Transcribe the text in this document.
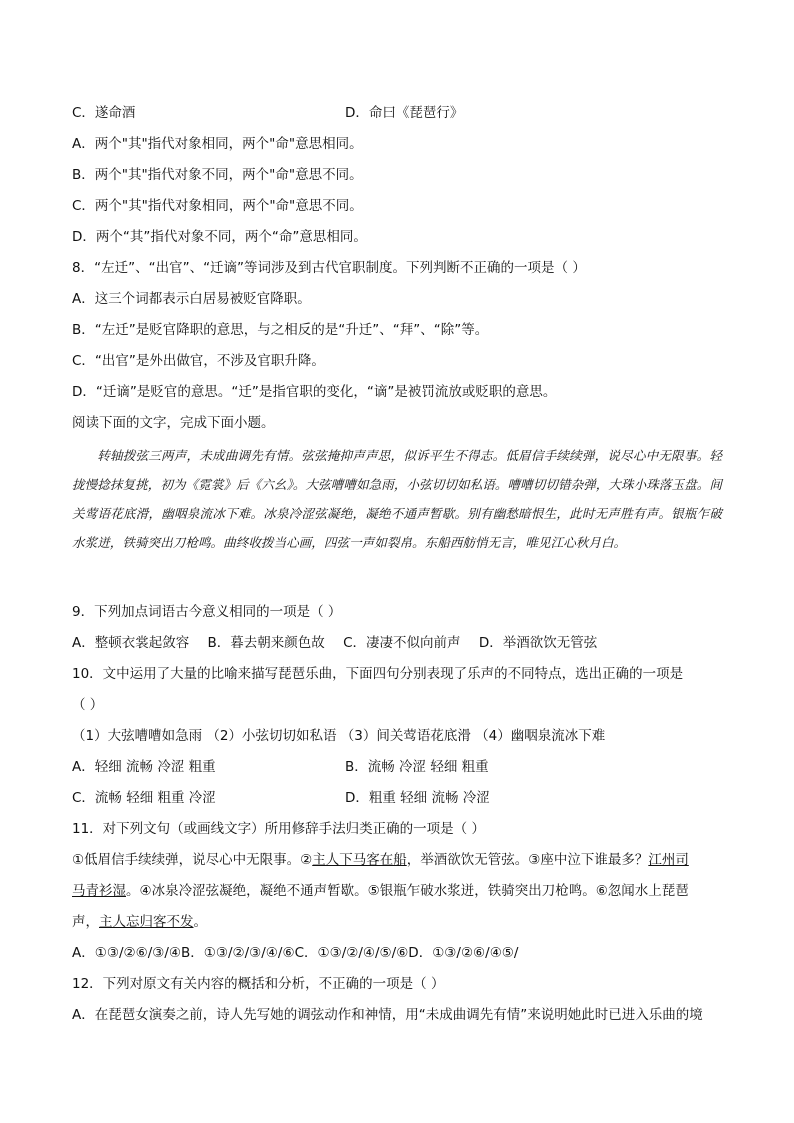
C．遂命酒	D．命曰《琵琶行》
A．两个"其"指代对象相同，两个"命"意思相同。
B．两个"其"指代对象不同，两个"命"意思不同。
C．两个"其"指代对象相同，两个"命"意思不同。
D．两个“其”指代对象不同，两个“命”意思相同。
8．“左迁”、“出官”、“迁谪”等词涉及到古代官职制度。下列判断不正确的一项是（ ）
A．这三个词都表示白居易被贬官降职。
B．“左迁”是贬官降职的意思，与之相反的是“升迁”、“拜”、“除”等。
C．“出官”是外出做官，不涉及官职升降。
D．“迁谪”是贬官的意思。“迁”是指官职的变化，“谪”是被罚流放或贬职的意思。
阅读下面的文字，完成下面小题。

转轴拨弦三两声，未成曲调先有情。弦弦掩抑声声思，似诉平生不得志。低眉信手续续弹，说尽心中无限事。轻拢慢捻抹复挑，初为《霓裳》后《六幺》。大弦嘈嘈如急雨，小弦切切如私语。嘈嘈切切错杂弹，大珠小珠落玉盘。间关莺语花底滑，幽咽泉流冰下难。冰泉冷涩弦凝绝，凝绝不通声暂歇。别有幽愁暗恨生，此时无声胜有声。银瓶乍破水浆迸，铁骑突出刀枪鸣。曲终收拨当心画，四弦一声如裂帛。东船西舫悄无言，唯见江心秋月白。

9．下列加点词语古今意义相同的一项是（ ）
A．整顿衣裳起敛容 B．暮去朝来颜色故 C．凄凄不似向前声 D．举酒欲饮无管弦
10．文中运用了大量的比喻来描写琵琶乐曲，下面四句分别表现了乐声的不同特点，选出正确的一项是
（ ）
（1）大弦嘈嘈如急雨 （2）小弦切切如私语 （3）间关莺语花底滑 （4）幽咽泉流冰下难
A．轻细 流畅 冷涩 粗重	B．流畅 冷涩 轻细 粗重
C．流畅 轻细 粗重 冷涩	D．粗重 轻细 流畅 冷涩
11．对下列文句（或画线文字）所用修辞手法归类正确的一项是（ ）
①低眉信手续续弹，说尽心中无限事。②主人下马客在船，举酒欲饮无管弦。③座中泣下谁最多？江州司
马青衫湿。④冰泉冷涩弦凝绝，凝绝不通声暂歇。⑤银瓶乍破水浆迸，铁骑突出刀枪鸣。⑥忽闻水上琵琶
声，主人忘归客不发。
A．①③/②⑥/③/④B．①③/②/③/④/⑥C．①③/②/④/⑤/⑥D．①③/②⑥/④⑤/
12．下列对原文有关内容的概括和分析，不正确的一项是（ ）
A．在琵琶女演奏之前，诗人先写她的调弦动作和神情，用“未成曲调先有情”来说明她此时已进入乐曲的境
